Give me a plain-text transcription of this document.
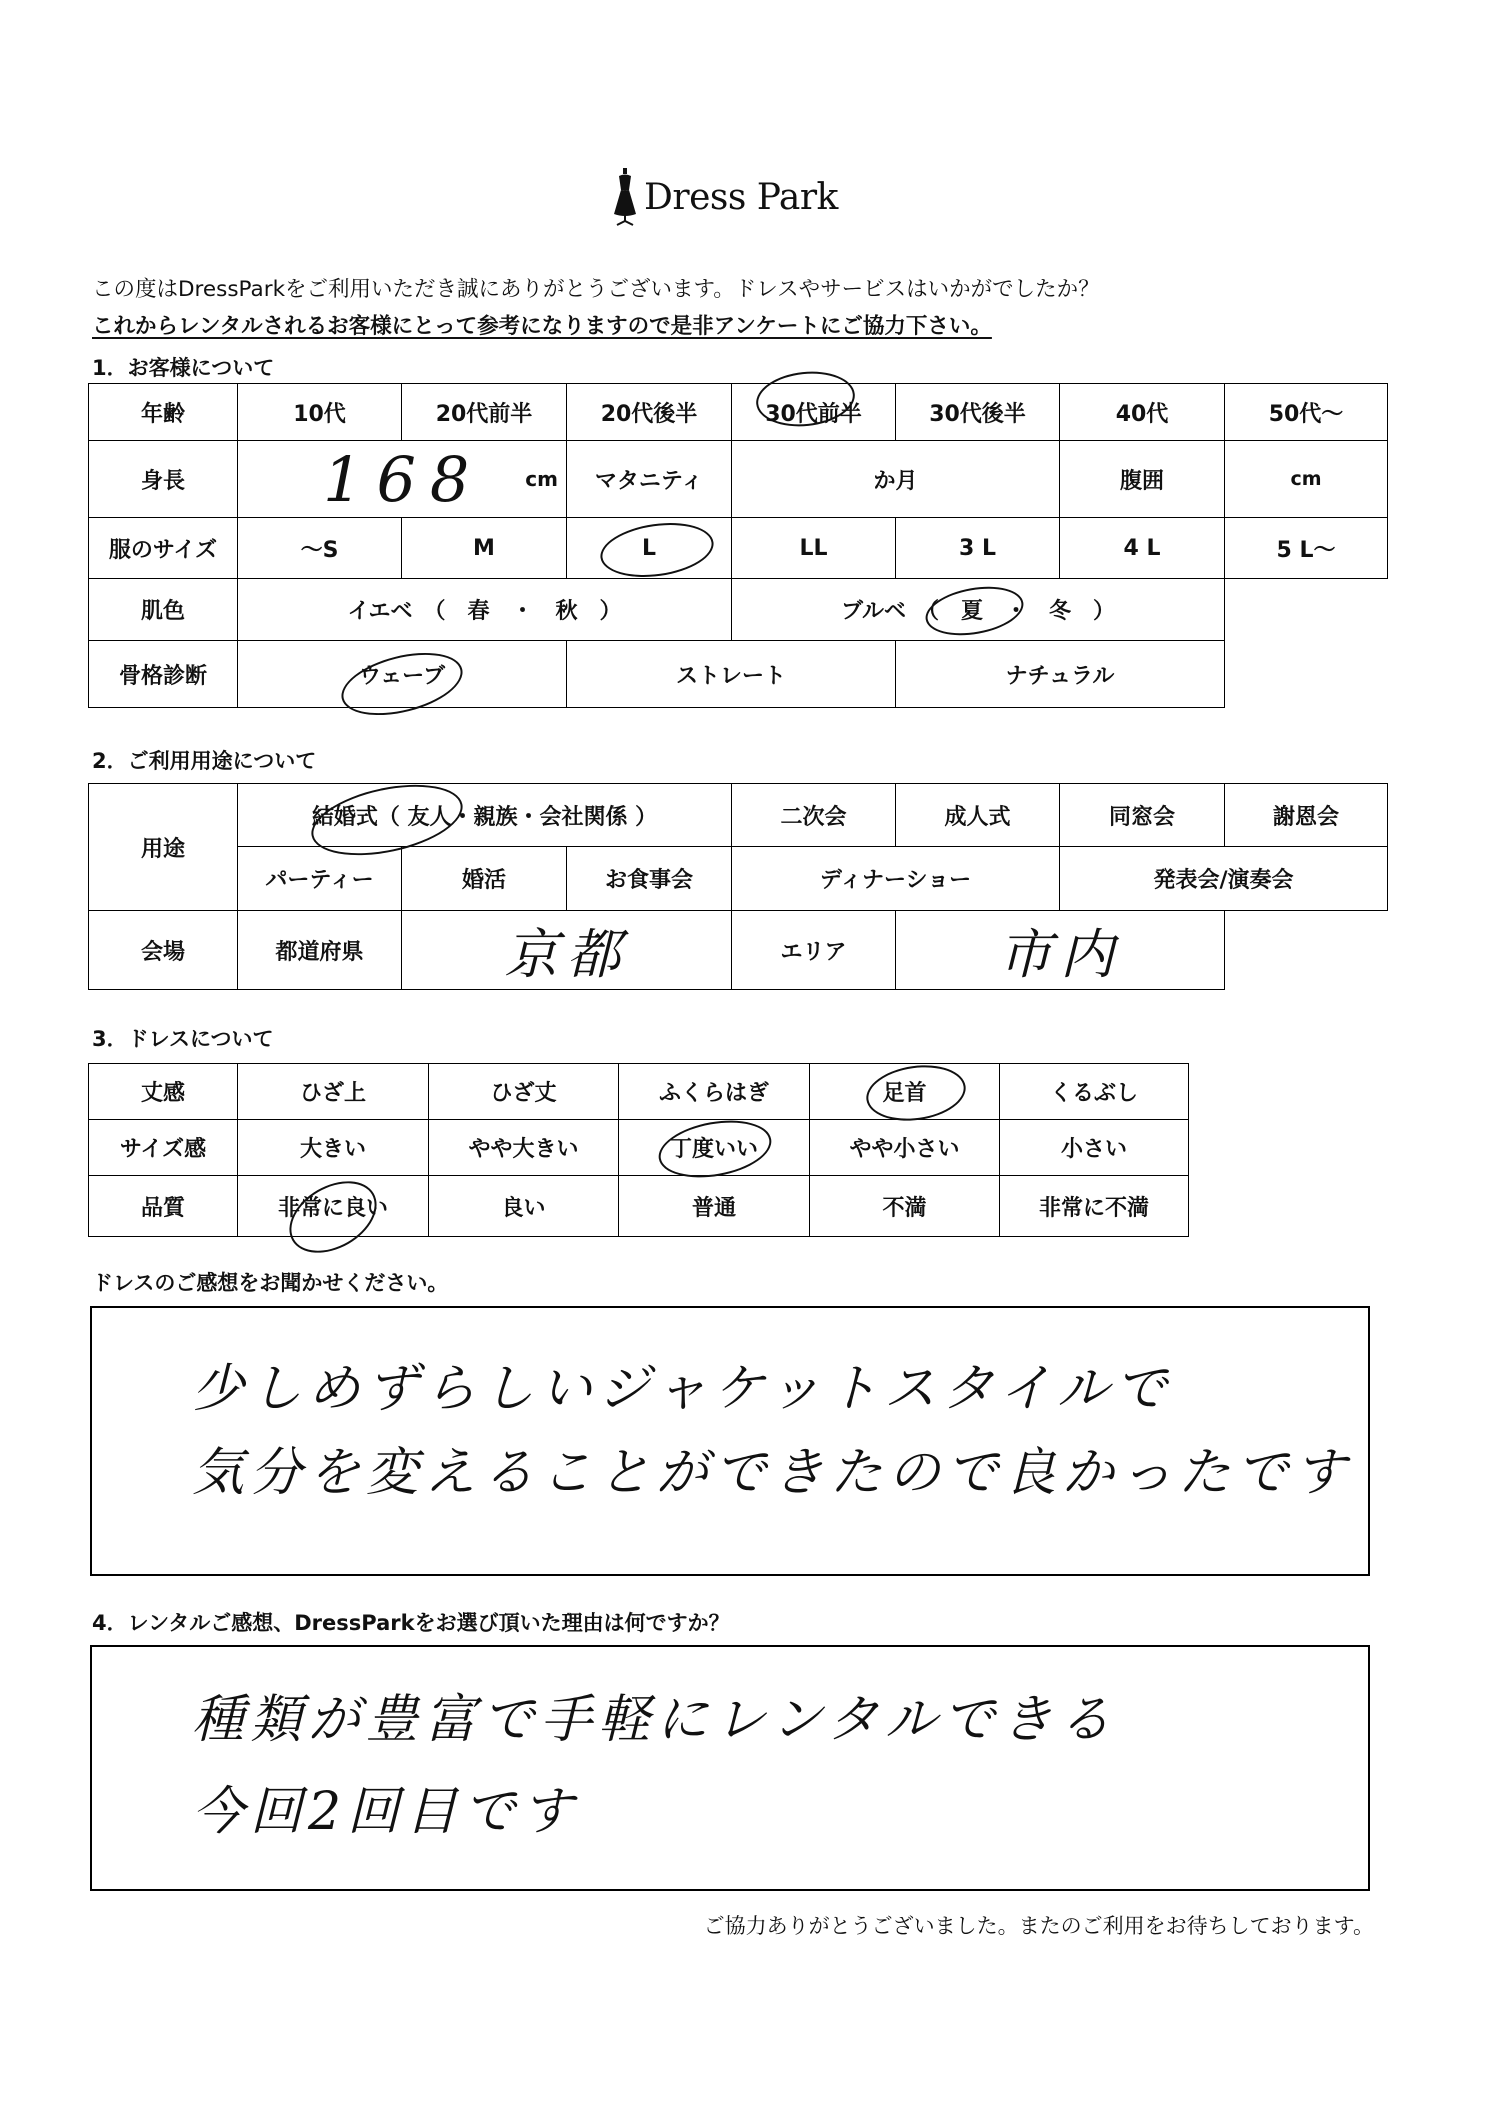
Dress Park
この度はDressParkをご利用いただき誠にありがとうございます。ドレスやサービスはいかがでしたか？
これからレンタルされるお客様にとって参考になりますので是非アンケートにご協力下さい。
1．お客様について
年齢	10代	20代前半	20代後半	30代前半	30代後半	40代	50代～
身長	168 cm	マタニティ	か月	腹囲	cm
服のサイズ	～S	M	L	LL	3 L	4 L	5 L～
肌色	イエベ　（　春　・　秋　）	ブルベ　（　夏　・　冬　）
骨格診断	ウェーブ	ストレート	ナチュラル
2．ご利用用途について
用途
結婚式（ 友人・親族・会社関係 ）	二次会	成人式	同窓会	謝恩会
パーティー	婚活	お食事会	ディナーショー	発表会/演奏会
会場	都道府県	京都	エリア	市内
3．ドレスについて
丈感	ひざ上	ひざ丈	ふくらはぎ	足首	くるぶし
サイズ感	大きい	やや大きい	丁度いい	やや小さい	小さい
品質	非常に良い	良い	普通	不満	非常に不満
ドレスのご感想をお聞かせください。
少しめずらしいジャケットスタイルで
気分を変えることができたので良かったです
4．レンタルご感想、DressParkをお選び頂いた理由は何ですか？
種類が豊富で手軽にレンタルできる
今回2回目です
ご協力ありがとうございました。またのご利用をお待ちしております。
